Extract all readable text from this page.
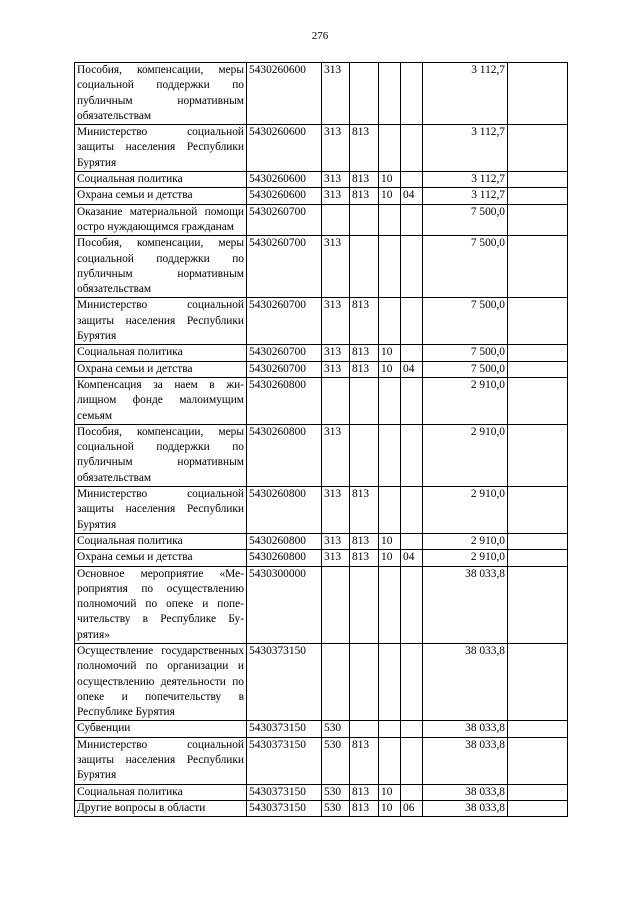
276
Пособия, компенсации, меры социальной поддержки по публичным нормативным обязательствам	5430260600	313				3 112,7	
Министерство социальной защиты населения Республики Бурятия	5430260600	313	813			3 112,7	
Социальная политика	5430260600	313	813	10		3 112,7	
Охрана семьи и детства	5430260600	313	813	10	04	3 112,7	
Оказание материальной помощи остро нуждающимся гражданам	5430260700					7 500,0	
Пособия, компенсации, меры социальной поддержки по публичным нормативным обязательствам	5430260700	313				7 500,0	
Министерство социальной защиты населения Республики Бурятия	5430260700	313	813			7 500,0	
Социальная политика	5430260700	313	813	10		7 500,0	
Охрана семьи и детства	5430260700	313	813	10	04	7 500,0	
Компенсация за наем в жилищном фонде малоимущим семьям	5430260800					2 910,0	
Пособия, компенсации, меры социальной поддержки по публичным нормативным обязательствам	5430260800	313				2 910,0	
Министерство социальной защиты населения Республики Бурятия	5430260800	313	813			2 910,0	
Социальная политика	5430260800	313	813	10		2 910,0	
Охрана семьи и детства	5430260800	313	813	10	04	2 910,0	
Основное мероприятие «Мероприятия по осуществлению полномочий по опеке и попечительству в Республике Бурятия»	5430300000					38 033,8	
Осуществление государственных полномочий по организации и осуществлению деятельности по опеке и попечительству в Республике Бурятия	5430373150					38 033,8	
Субвенции	5430373150	530				38 033,8	
Министерство социальной защиты населения Республики Бурятия	5430373150	530	813			38 033,8	
Социальная политика	5430373150	530	813	10		38 033,8	
Другие вопросы в области	5430373150	530	813	10	06	38 033,8	
